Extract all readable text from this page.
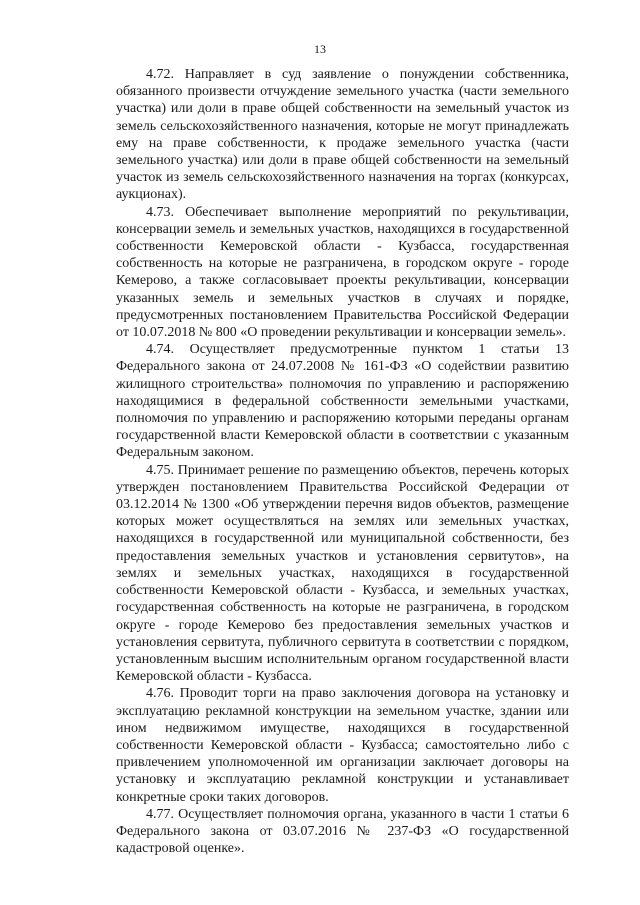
13

4.72. Направляет в суд заявление о понуждении собственника, обязанного произвести отчуждение земельного участка (части земельного участка) или доли в праве общей собственности на земельный участок из земель сельскохозяйственного назначения, которые не могут принадлежать ему на праве собственности, к продаже земельного участка (части земельного участка) или доли в праве общей собственности на земельный участок из земель сельскохозяйственного назначения на торгах (конкурсах, аукционах).

4.73. Обеспечивает выполнение мероприятий по рекультивации, консервации земель и земельных участков, находящихся в государственной собственности Кемеровской области - Кузбасса, государственная собственность на которые не разграничена, в городском округе - городе Кемерово, а также согласовывает проекты рекультивации, консервации указанных земель и земельных участков в случаях и порядке, предусмотренных постановлением Правительства Российской Федерации от 10.07.2018 № 800 «О проведении рекультивации и консервации земель».

4.74. Осуществляет предусмотренные пунктом 1 статьи 13 Федерального закона от 24.07.2008 № 161-ФЗ «О содействии развитию жилищного строительства» полномочия по управлению и распоряжению находящимися в федеральной собственности земельными участками, полномочия по управлению и распоряжению которыми переданы органам государственной власти Кемеровской области в соответствии с указанным Федеральным законом.

4.75. Принимает решение по размещению объектов, перечень которых утвержден постановлением Правительства Российской Федерации от 03.12.2014 № 1300 «Об утверждении перечня видов объектов, размещение которых может осуществляться на землях или земельных участках, находящихся в государственной или муниципальной собственности, без предоставления земельных участков и установления сервитутов», на землях и земельных участках, находящихся в государственной собственности Кемеровской области - Кузбасса, и земельных участках, государственная собственность на которые не разграничена, в городском округе - городе Кемерово без предоставления земельных участков и установления сервитута, публичного сервитута в соответствии с порядком, установленным высшим исполнительным органом государственной власти Кемеровской области - Кузбасса.

4.76. Проводит торги на право заключения договора на установку и эксплуатацию рекламной конструкции на земельном участке, здании или ином недвижимом имуществе, находящихся в государственной собственности Кемеровской области - Кузбасса; самостоятельно либо с привлечением уполномоченной им организации заключает договоры на установку и эксплуатацию рекламной конструкции и устанавливает конкретные сроки таких договоров.

4.77. Осуществляет полномочия органа, указанного в части 1 статьи 6 Федерального закона от 03.07.2016 № 237-ФЗ «О государственной кадастровой оценке».
